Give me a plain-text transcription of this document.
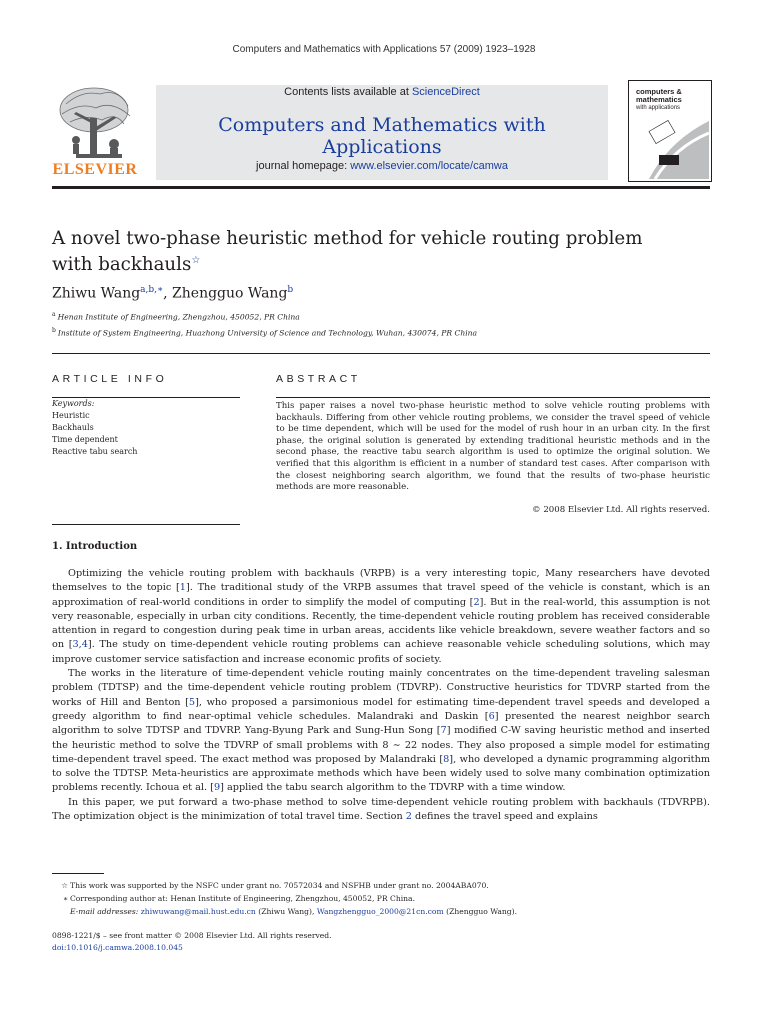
Computers and Mathematics with Applications 57 (2009) 1923–1928
ELSEVIER
Contents lists available at ScienceDirect
Computers and Mathematics with Applications
journal homepage: www.elsevier.com/locate/camwa
computers &
mathematics
with applications
A novel two-phase heuristic method for vehicle routing problem
with backhauls☆
Zhiwu Wang$^{a,b,∗}$, Zhengguo Wang$^b$
$^a$ Henan Institute of Engineering, Zhengzhou, 450052, PR China
$^b$ Institute of System Engineering, Huazhong University of Science and Technology, Wuhan, 430074, PR China
ARTICLE INFO
Keywords:
Heuristic
Backhauls
Time dependent
Reactive tabu search
ABSTRACT
This paper raises a novel two-phase heuristic method to solve vehicle routing problems with backhauls. Differing from other vehicle routing problems, we consider the travel speed of vehicle to be time dependent, which will be used for the model of rush hour in an urban city. In the first phase, the original solution is generated by extending traditional heuristic methods and in the second phase, the reactive tabu search algorithm is used to optimize the original solution. We verified that this algorithm is efficient in a number of standard test cases. After comparison with the closest neighboring search algorithm, we found that the results of two-phase heuristic methods are more reasonable.
© 2008 Elsevier Ltd. All rights reserved.
1. Introduction

Optimizing the vehicle routing problem with backhauls (VRPB) is a very interesting topic, Many researchers have devoted themselves to the topic [1]. The traditional study of the VRPB assumes that travel speed of the vehicle is constant, which is an approximation of real-world conditions in order to simplify the model of computing [2]. But in the real-world, this assumption is not very reasonable, especially in urban city conditions. Recently, the time-dependent vehicle routing problem has received considerable attention in regard to congestion during peak time in urban areas, accidents like vehicle breakdown, severe weather factors and so on [3,4]. The study on time-dependent vehicle routing problems can achieve reasonable vehicle scheduling solutions, which may improve customer service satisfaction and increase economic profits of society.

The works in the literature of time-dependent vehicle routing mainly concentrates on the time-dependent traveling salesman problem (TDTSP) and the time-dependent vehicle routing problem (TDVRP). Constructive heuristics for TDVRP started from the works of Hill and Benton [5], who proposed a parsimonious model for estimating time-dependent travel speeds and developed a greedy algorithm to find near-optimal vehicle schedules. Malandraki and Daskin [6] presented the nearest neighbor search algorithm to solve TDTSP and TDVRP. Yang-Byung Park and Sung-Hun Song [7] modified C-W saving heuristic method and inserted the heuristic method to solve the TDVRP of small problems with 8 ∼ 22 nodes. They also proposed a simple model for estimating time-dependent travel speed. The exact method was proposed by Malandraki [8], who developed a dynamic programming algorithm to solve the TDTSP. Meta-heuristics are approximate methods which have been widely used to solve many combination optimization problems recently. Ichoua et al. [9] applied the tabu search algorithm to the TDVRP with a time window.

In this paper, we put forward a two-phase method to solve time-dependent vehicle routing problem with backhauls (TDVRPB). The optimization object is the minimization of total travel time. Section 2 defines the travel speed and explains

☆ This work was supported by the NSFC under grant no. 70572034 and NSFHB under grant no. 2004ABA070.
∗ Corresponding author at: Henan Institute of Engineering, Zhengzhou, 450052, PR China.
E-mail addresses: zhiwuwang@mail.hust.edu.cn (Zhiwu Wang), Wangzhengguo_2000@21cn.com (Zhengguo Wang).
0898-1221/$ – see front matter © 2008 Elsevier Ltd. All rights reserved.
doi:10.1016/j.camwa.2008.10.045
